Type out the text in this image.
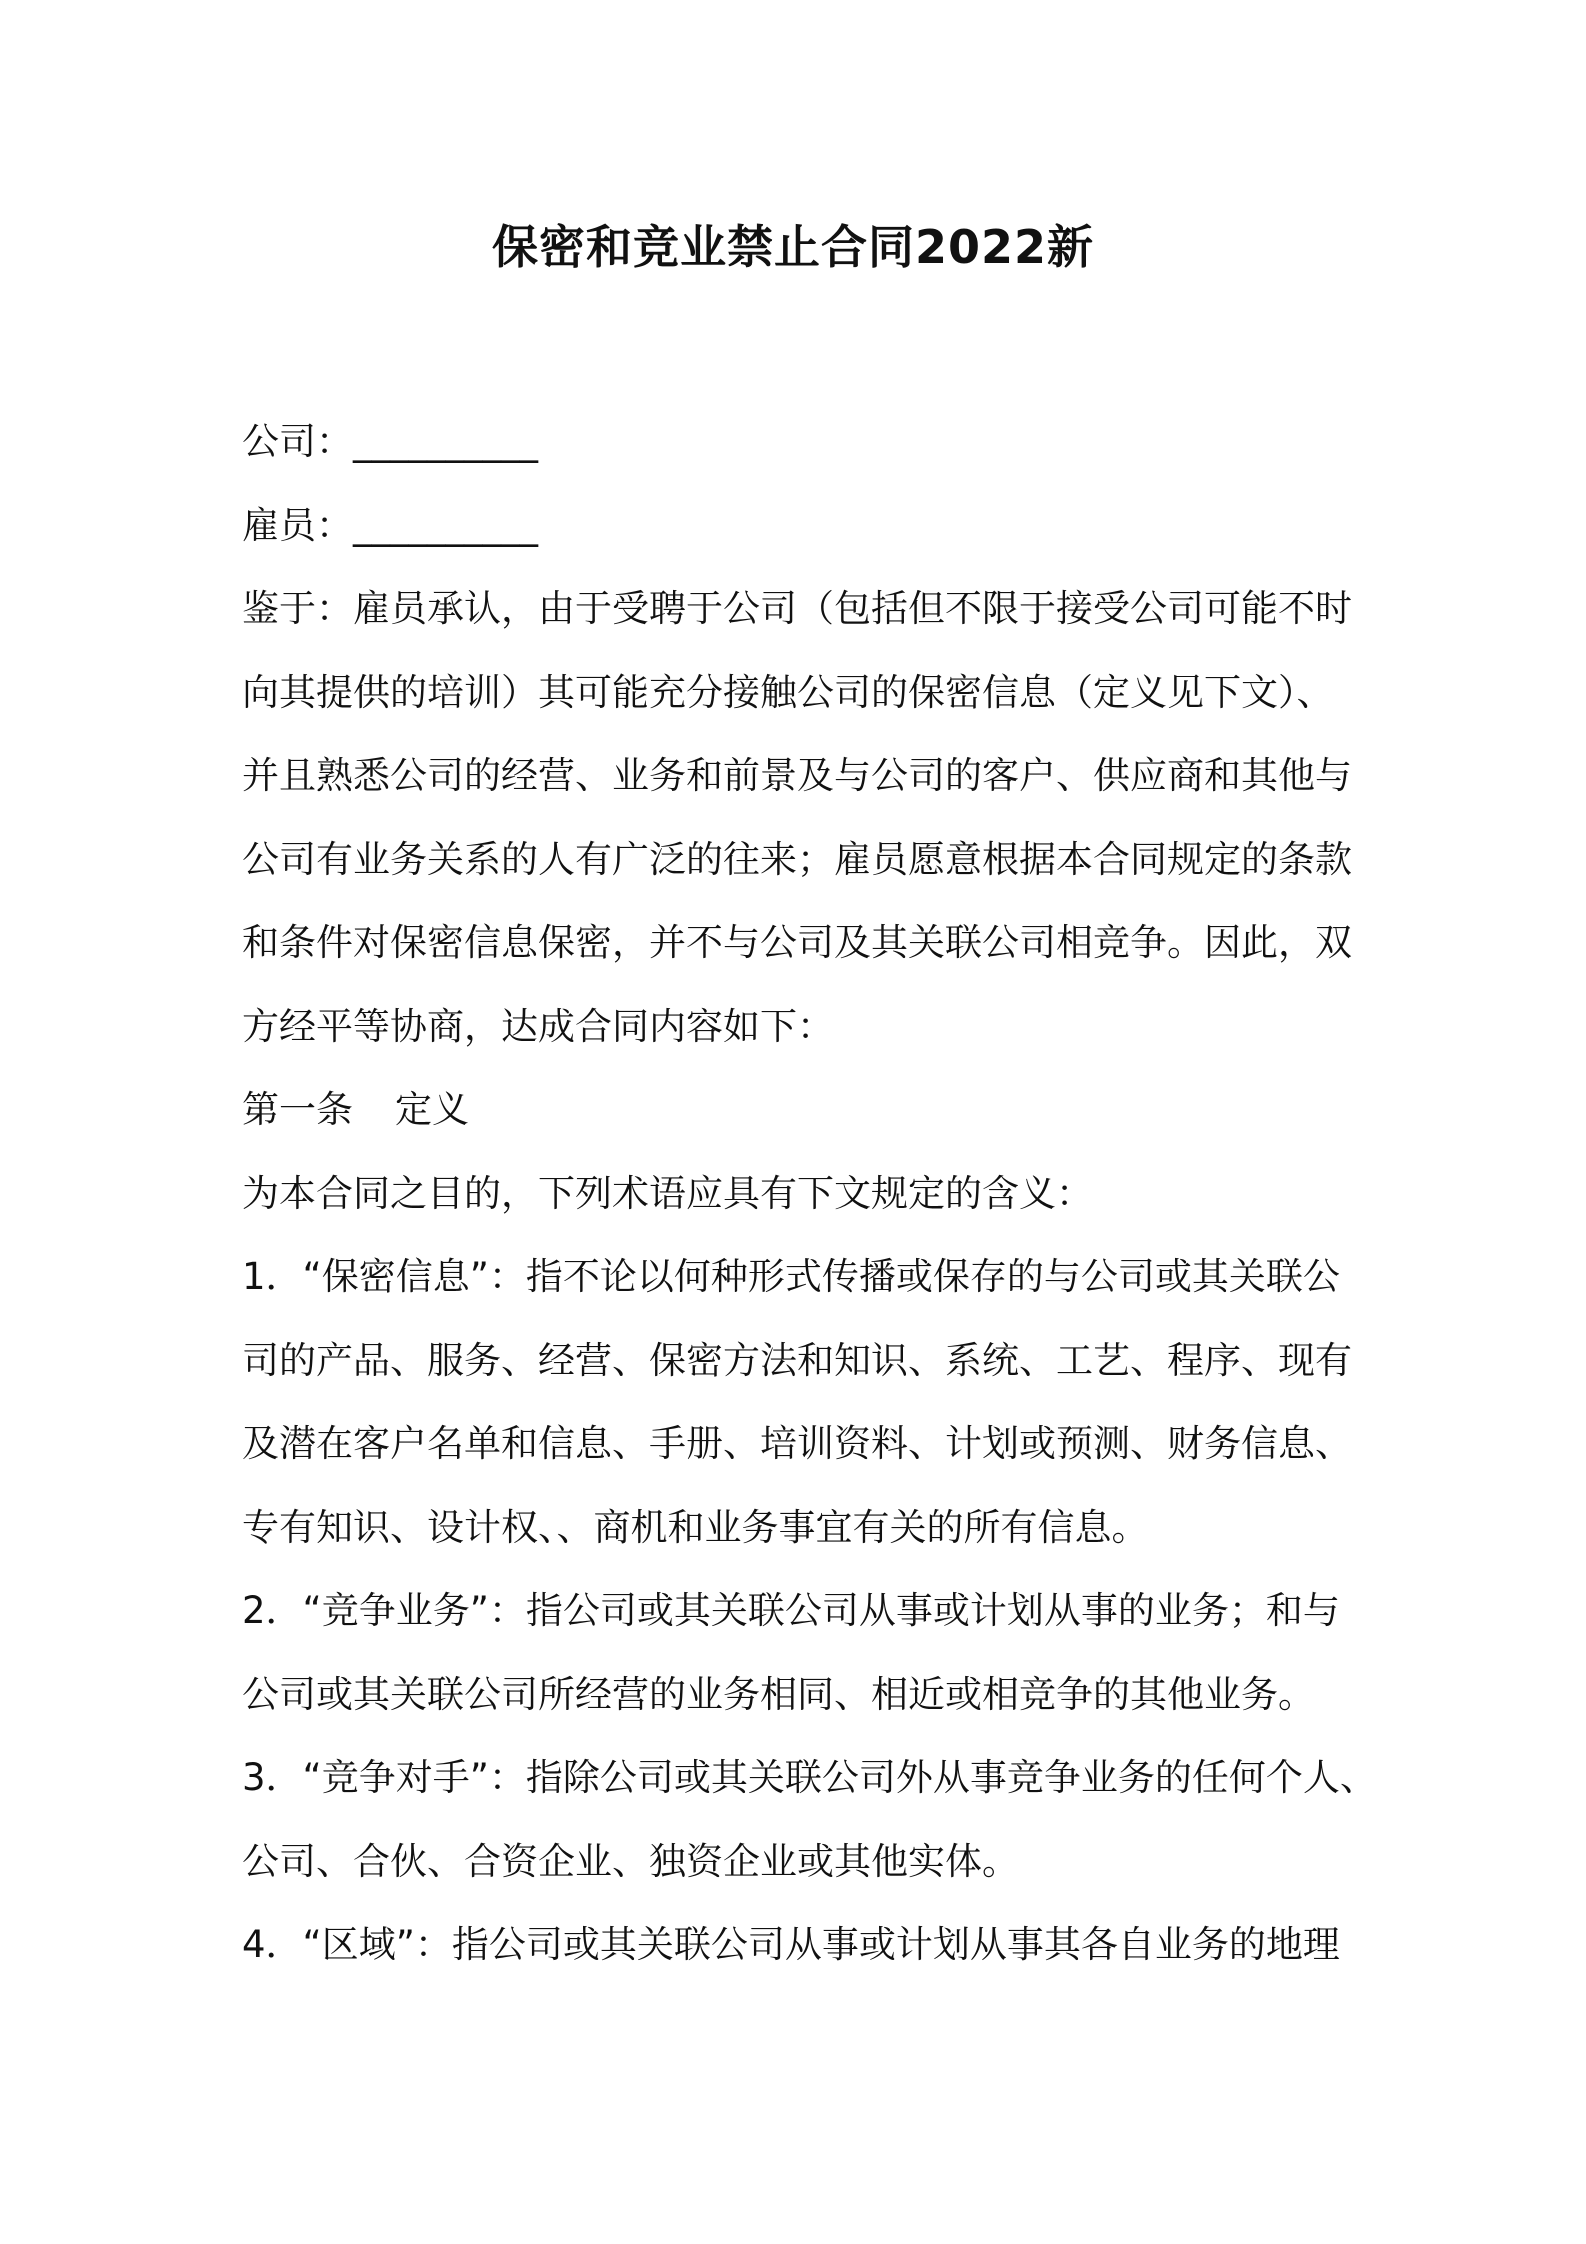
保密和竞业禁止合同2022新

公司：__________

雇员：__________

鉴于：雇员承认，由于受聘于公司（包括但不限于接受公司可能不时

向其提供的培训）其可能充分接触公司的保密信息（定义见下文）、

并且熟悉公司的经营、业务和前景及与公司的客户、供应商和其他与

公司有业务关系的人有广泛的往来；雇员愿意根据本合同规定的条款

和条件对保密信息保密，并不与公司及其关联公司相竞争。因此，双

方经平等协商，达成合同内容如下：

第一条 定义

为本合同之目的，下列术语应具有下文规定的含义：

1．“保密信息”：指不论以何种形式传播或保存的与公司或其关联公

司的产品、服务、经营、保密方法和知识、系统、工艺、程序、现有

及潜在客户名单和信息、手册、培训资料、计划或预测、财务信息、

专有知识、设计权、、商机和业务事宜有关的所有信息。

2．“竞争业务”：指公司或其关联公司从事或计划从事的业务；和与

公司或其关联公司所经营的业务相同、相近或相竞争的其他业务。

3．“竞争对手”：指除公司或其关联公司外从事竞争业务的任何个人、

公司、合伙、合资企业、独资企业或其他实体。

4．“区域”：指公司或其关联公司从事或计划从事其各自业务的地理
